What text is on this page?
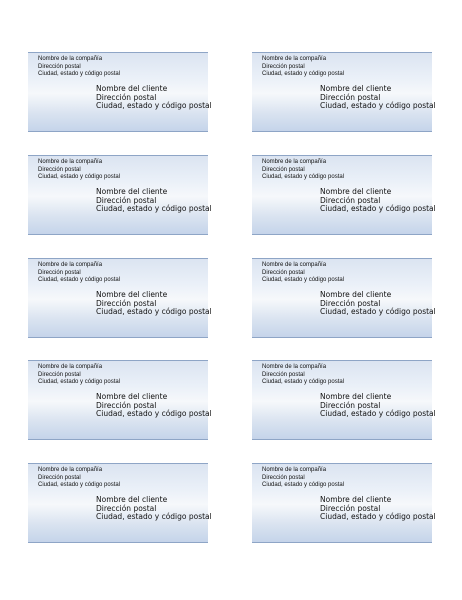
Nombre de la compañía
Dirección postal
Ciudad, estado y código postal
Nombre del cliente
Dirección postal
Ciudad, estado y código postal
Nombre de la compañía
Dirección postal
Ciudad, estado y código postal
Nombre del cliente
Dirección postal
Ciudad, estado y código postal
Nombre de la compañía
Dirección postal
Ciudad, estado y código postal
Nombre del cliente
Dirección postal
Ciudad, estado y código postal
Nombre de la compañía
Dirección postal
Ciudad, estado y código postal
Nombre del cliente
Dirección postal
Ciudad, estado y código postal
Nombre de la compañía
Dirección postal
Ciudad, estado y código postal
Nombre del cliente
Dirección postal
Ciudad, estado y código postal
Nombre de la compañía
Dirección postal
Ciudad, estado y código postal
Nombre del cliente
Dirección postal
Ciudad, estado y código postal
Nombre de la compañía
Dirección postal
Ciudad, estado y código postal
Nombre del cliente
Dirección postal
Ciudad, estado y código postal
Nombre de la compañía
Dirección postal
Ciudad, estado y código postal
Nombre del cliente
Dirección postal
Ciudad, estado y código postal
Nombre de la compañía
Dirección postal
Ciudad, estado y código postal
Nombre del cliente
Dirección postal
Ciudad, estado y código postal
Nombre de la compañía
Dirección postal
Ciudad, estado y código postal
Nombre del cliente
Dirección postal
Ciudad, estado y código postal
